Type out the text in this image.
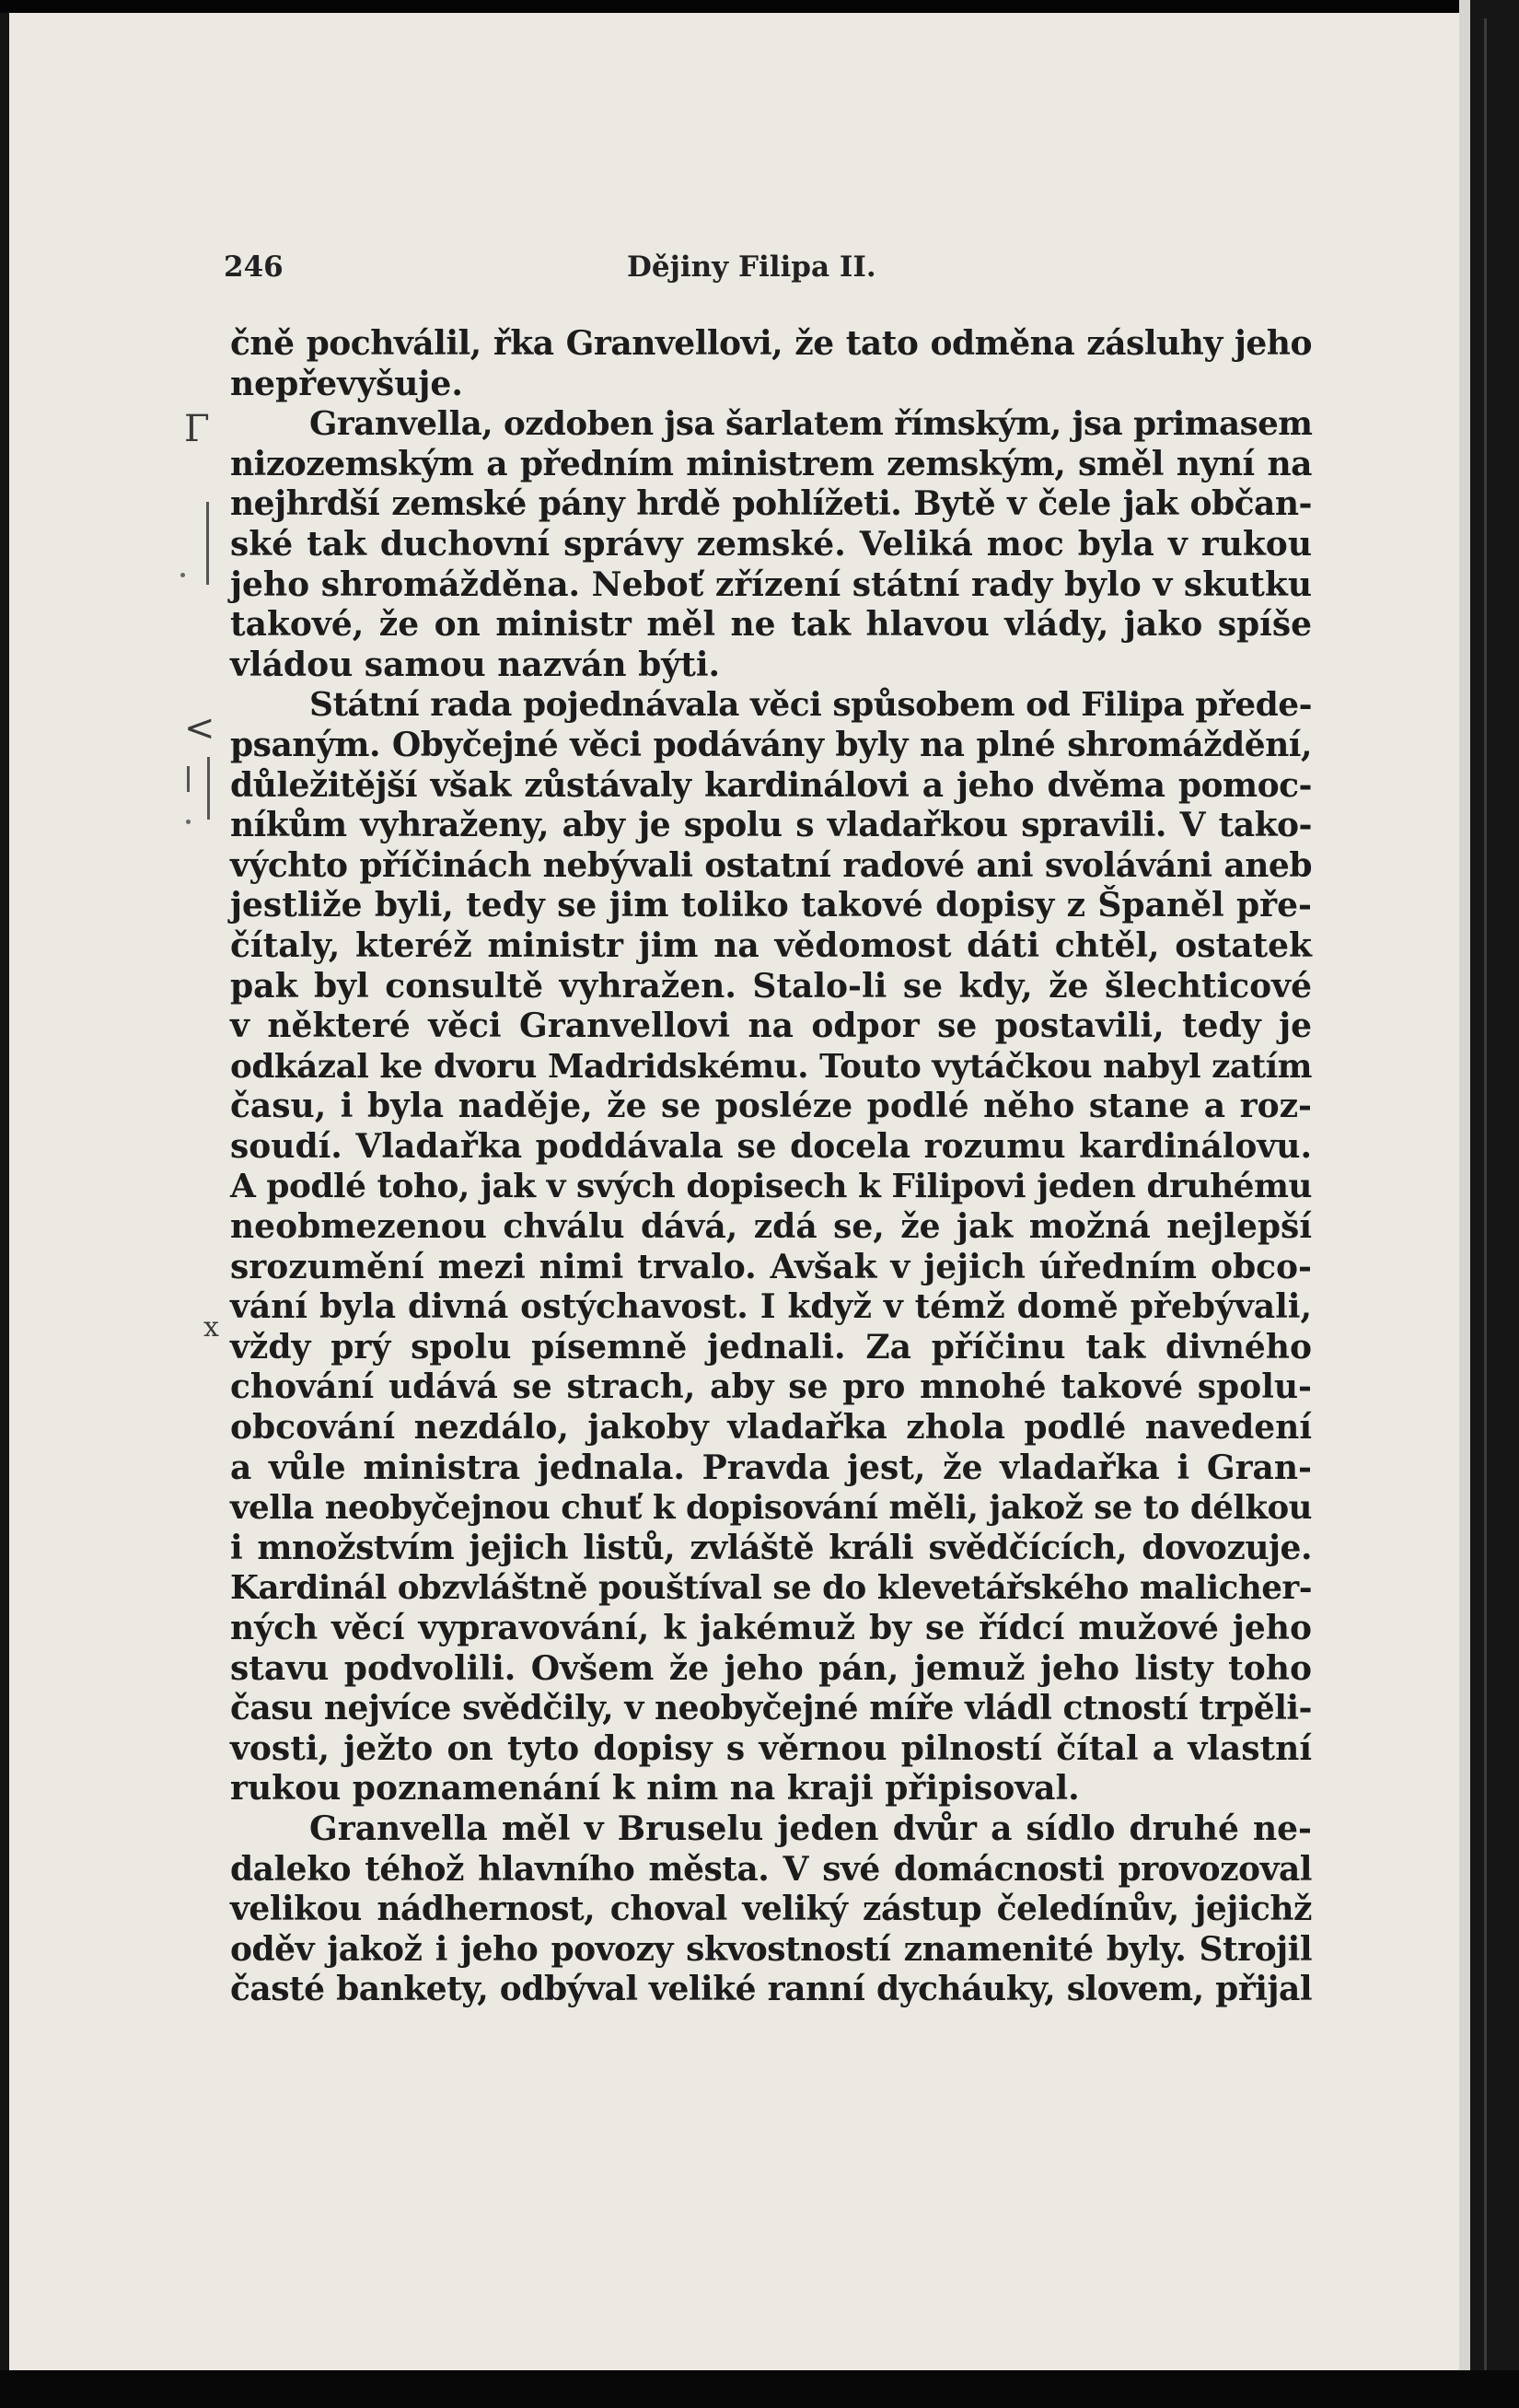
246	Dějiny Filipa II.
Γ
<
x
čně pochválil, řka Granvellovi, že tato odměna zásluhy jeho
nepřevyšuje.
Granvella, ozdoben jsa šarlatem římským, jsa primasem
nizozemským a předním ministrem zemským, směl nyní na
nejhrdší zemské pány hrdě pohlížeti. Bytě v čele jak občan-
ské tak duchovní správy zemské. Veliká moc byla v rukou
jeho shromážděna. Neboť zřízení státní rady bylo v skutku
takové, že on ministr měl ne tak hlavou vlády, jako spíše
vládou samou nazván býti.
Státní rada pojednávala věci spůsobem od Filipa přede-
psaným. Obyčejné věci podávány byly na plné shromáždění,
důležitější však zůstávaly kardinálovi a jeho dvěma pomoc-
níkům vyhraženy, aby je spolu s vladařkou spravili. V tako-
výchto příčinách nebývali ostatní radové ani svoláváni aneb
jestliže byli, tedy se jim toliko takové dopisy z Španěl pře-
čítaly, kteréž ministr jim na vědomost dáti chtěl, ostatek
pak byl consultě vyhražen. Stalo-li se kdy, že šlechticové
v některé věci Granvellovi na odpor se postavili, tedy je
odkázal ke dvoru Madridskému. Touto vytáčkou nabyl zatím
času, i byla naděje, že se posléze podlé něho stane a roz-
soudí. Vladařka poddávala se docela rozumu kardinálovu.
A podlé toho, jak v svých dopisech k Filipovi jeden druhému
neobmezenou chválu dává, zdá se, že jak možná nejlepší
srozumění mezi nimi trvalo. Avšak v jejich úředním obco-
vání byla divná ostýchavost. I když v témž domě přebývali,
vždy prý spolu písemně jednali. Za příčinu tak divného
chování udává se strach, aby se pro mnohé takové spolu-
obcování nezdálo, jakoby vladařka zhola podlé navedení
a vůle ministra jednala. Pravda jest, že vladařka i Gran-
vella neobyčejnou chuť k dopisování měli, jakož se to délkou
i množstvím jejich listů, zvláště králi svědčících, dovozuje.
Kardinál obzvláštně pouštíval se do klevetářského malicher-
ných věcí vypravování, k jakémuž by se řídcí mužové jeho
stavu podvolili. Ovšem že jeho pán, jemuž jeho listy toho
času nejvíce svědčily, v neobyčejné míře vládl ctností trpěli-
vosti, ježto on tyto dopisy s věrnou pilností čítal a vlastní
rukou poznamenání k nim na kraji připisoval.
Granvella měl v Bruselu jeden dvůr a sídlo druhé ne-
daleko téhož hlavního města. V své domácnosti provozoval
velikou nádhernost, choval veliký zástup čeledínův, jejichž
oděv jakož i jeho povozy skvostností znamenité byly. Strojil
časté bankety, odbýval veliké ranní dycháuky, slovem, přijal
